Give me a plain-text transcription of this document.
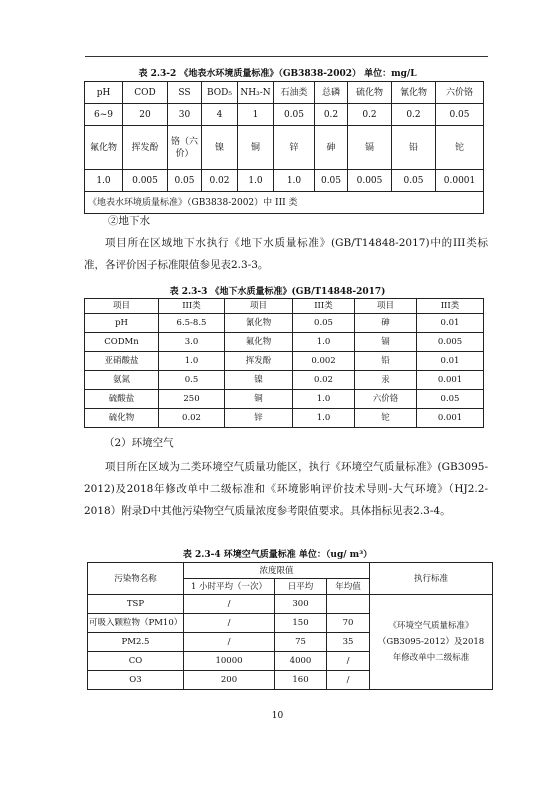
表 2.3-2 《地表水环境质量标准》（GB3838-2002） 单位：mg/L
pH	COD	SS	BOD₅	NH₃-N	石油类	总磷	硫化物	氰化物	六价铬
6~9	20	30	4	1	0.05	0.2	0.2	0.2	0.05
氟化物	挥发酚	铬（六价）	镍	铜	锌	砷	镉	铅	铊
1.0	0.005	0.05	0.02	1.0	1.0	0.05	0.005	0.05	0.0001
《地表水环境质量标准》（GB3838-2002）中 III 类									
②地下水
项目所在区域地下水执行《地下水质量标准》(GB/T14848-2017)中的III类标准，各评价因子标准限值参见表2.3-3。
表 2.3-3 《地下水质量标准》(GB/T14848-2017)
项目	III类	项目	III类	项目	III类
pH	6.5-8.5	氰化物	0.05	砷	0.01
CODMn	3.0	氟化物	1.0	镉	0.005
亚硝酸盐	1.0	挥发酚	0.002	铅	0.01
氨氮	0.5	镍	0.02	汞	0.001
硫酸盐	250	铜	1.0	六价铬	0.05
硫化物	0.02	锌	1.0	铊	0.001
（2）环境空气
项目所在区域为二类环境空气质量功能区，执行《环境空气质量标准》(GB3095-2012)及2018年修改单中二级标准和《环境影响评价技术导则-大气环境》（HJ2.2-2018）附录D中其他污染物空气质量浓度参考限值要求。具体指标见表2.3-4。
表 2.3-4 环境空气质量标准 单位：（ug/ m³）
污染物名称	浓度限值			执行标准
	1 小时平均（一次）	日平均	年均值	
TSP	/	300		《环境空气质量标准》（GB3095-2012）及2018 年修改单中二级标准
可吸入颗粒物（PM10）	/	150	70	
PM2.5	/	75	35	
CO	10000	4000	/	
O3	200	160	/	
10
